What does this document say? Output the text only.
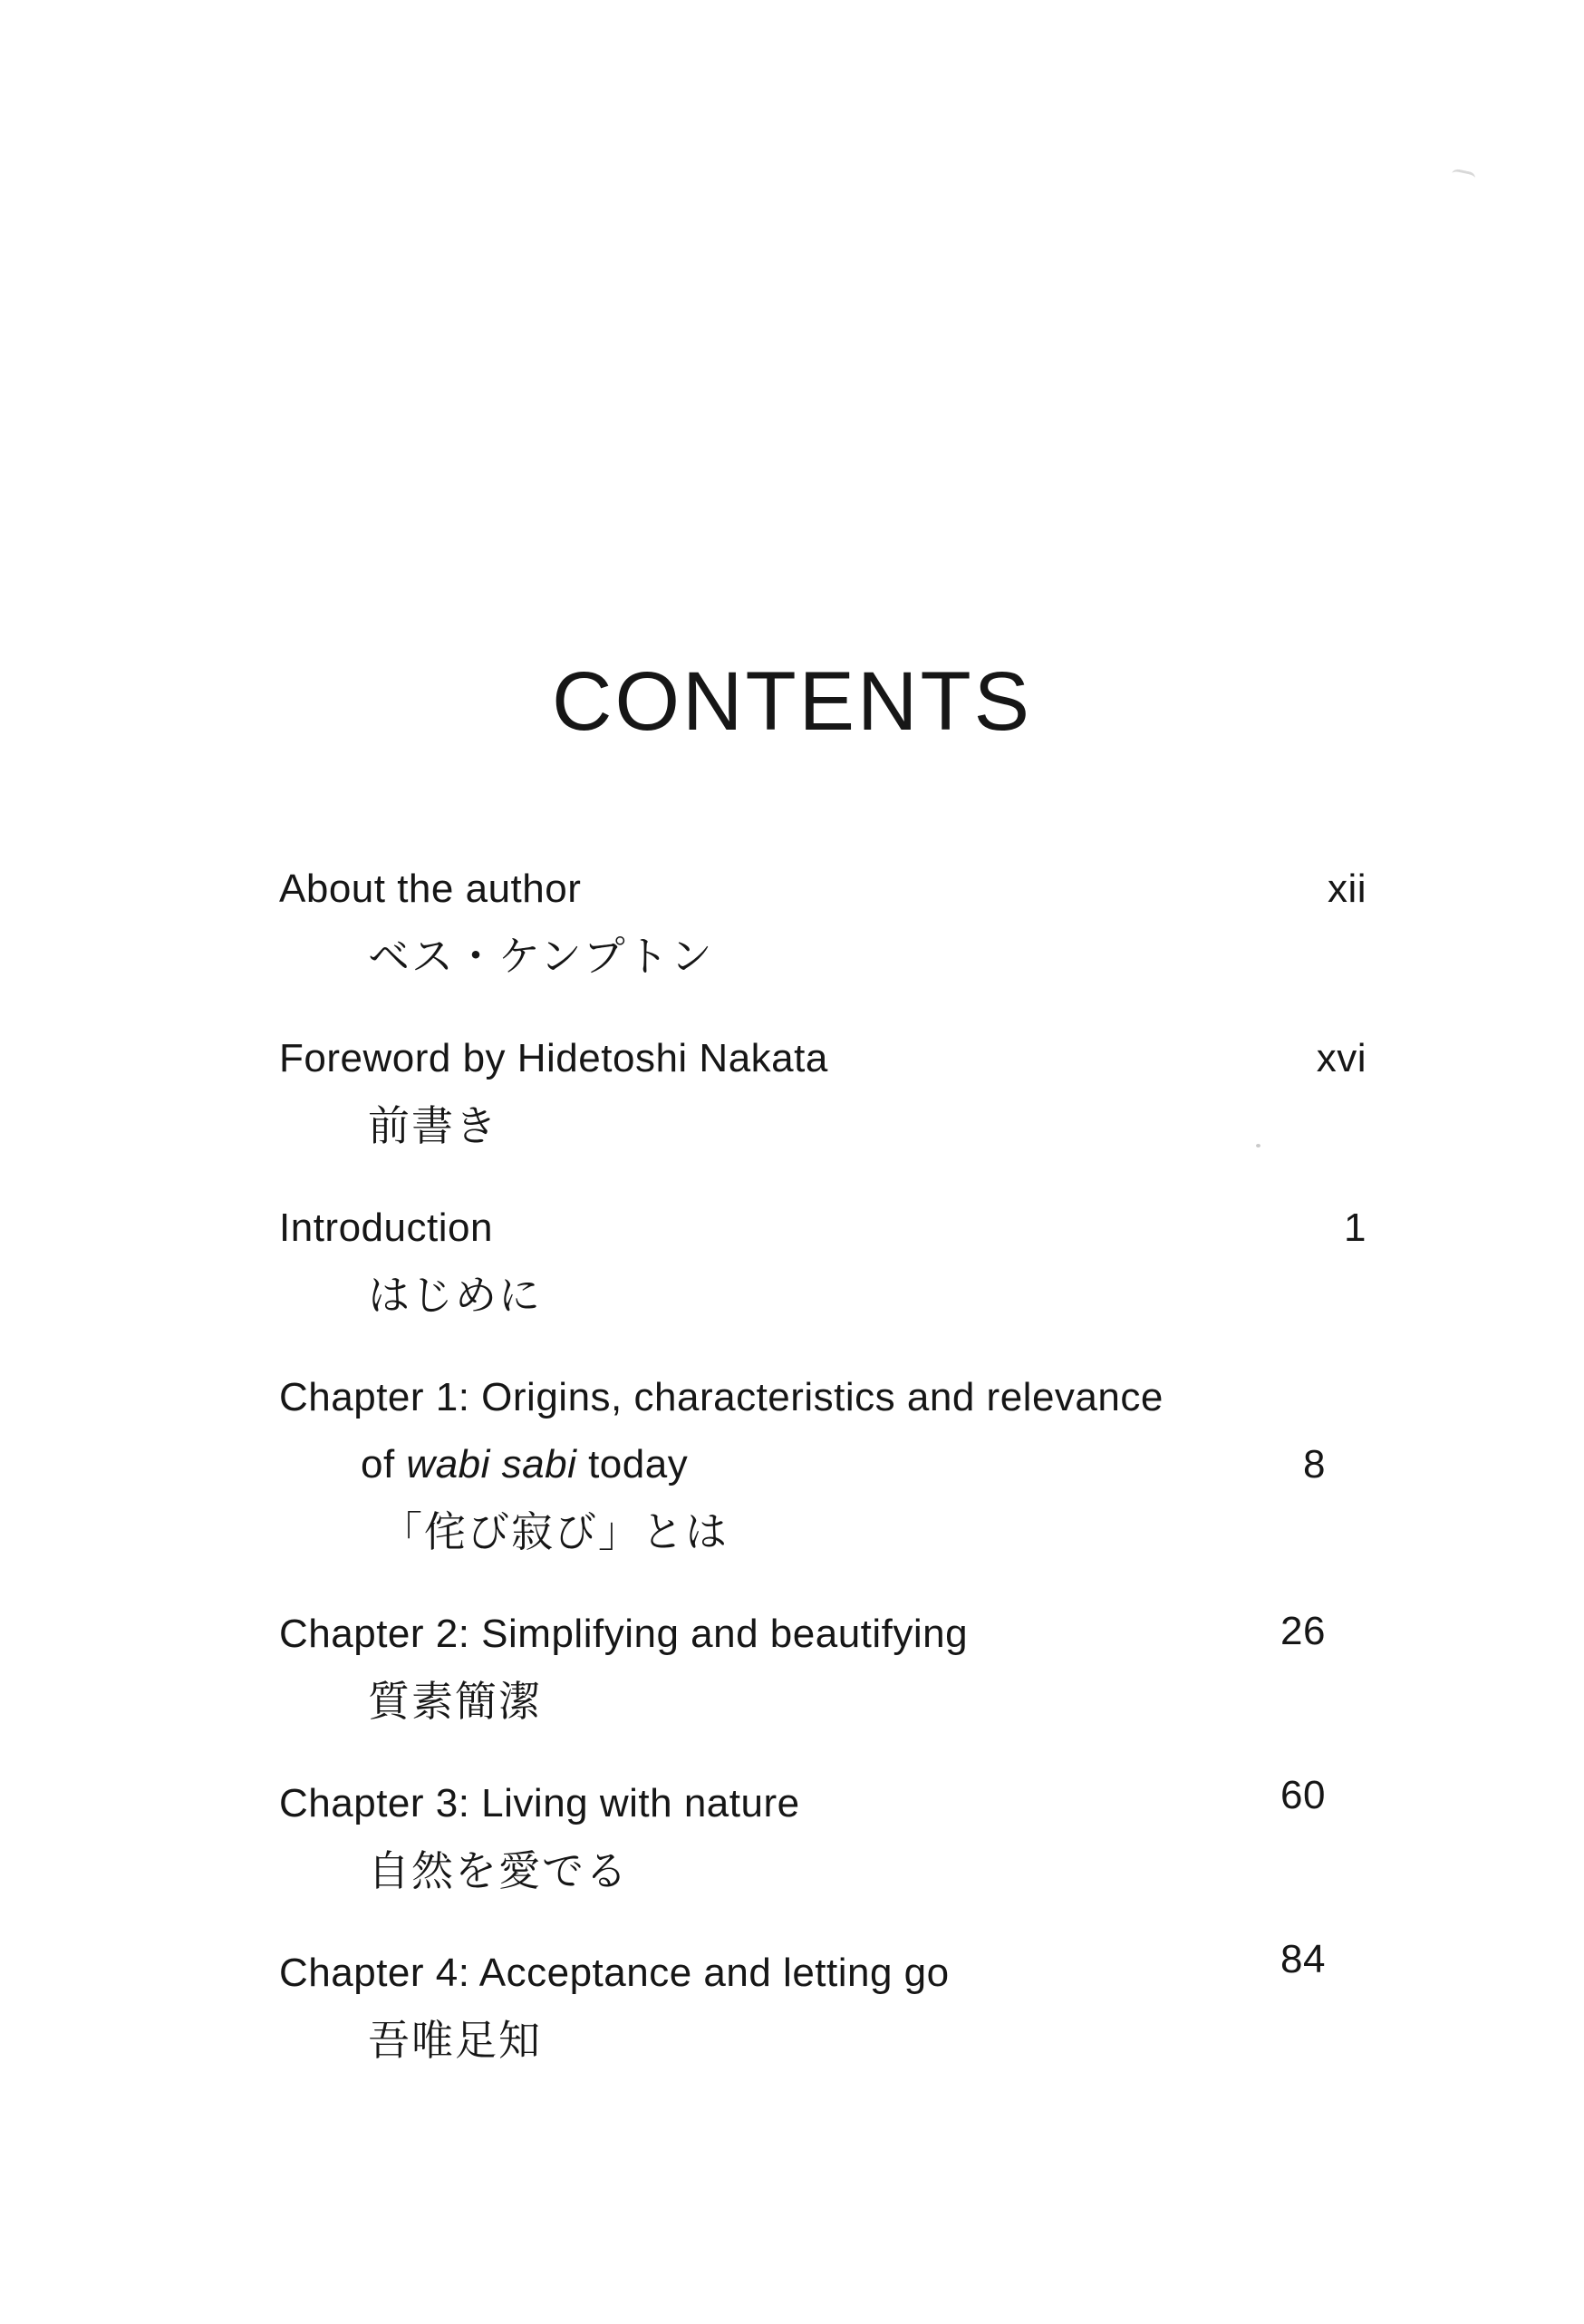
CONTENTS
About the author	xii
ベス・ケンプトン
Foreword by Hidetoshi Nakata	xvi
前書き
Introduction	1
はじめに
Chapter 1: Origins, characteristics and relevance
of wabi sabi today	8
「侘び寂び」とは
Chapter 2: Simplifying and beautifying	26
質素簡潔
Chapter 3: Living with nature	60
自然を愛でる
Chapter 4: Acceptance and letting go	84
吾唯足知
